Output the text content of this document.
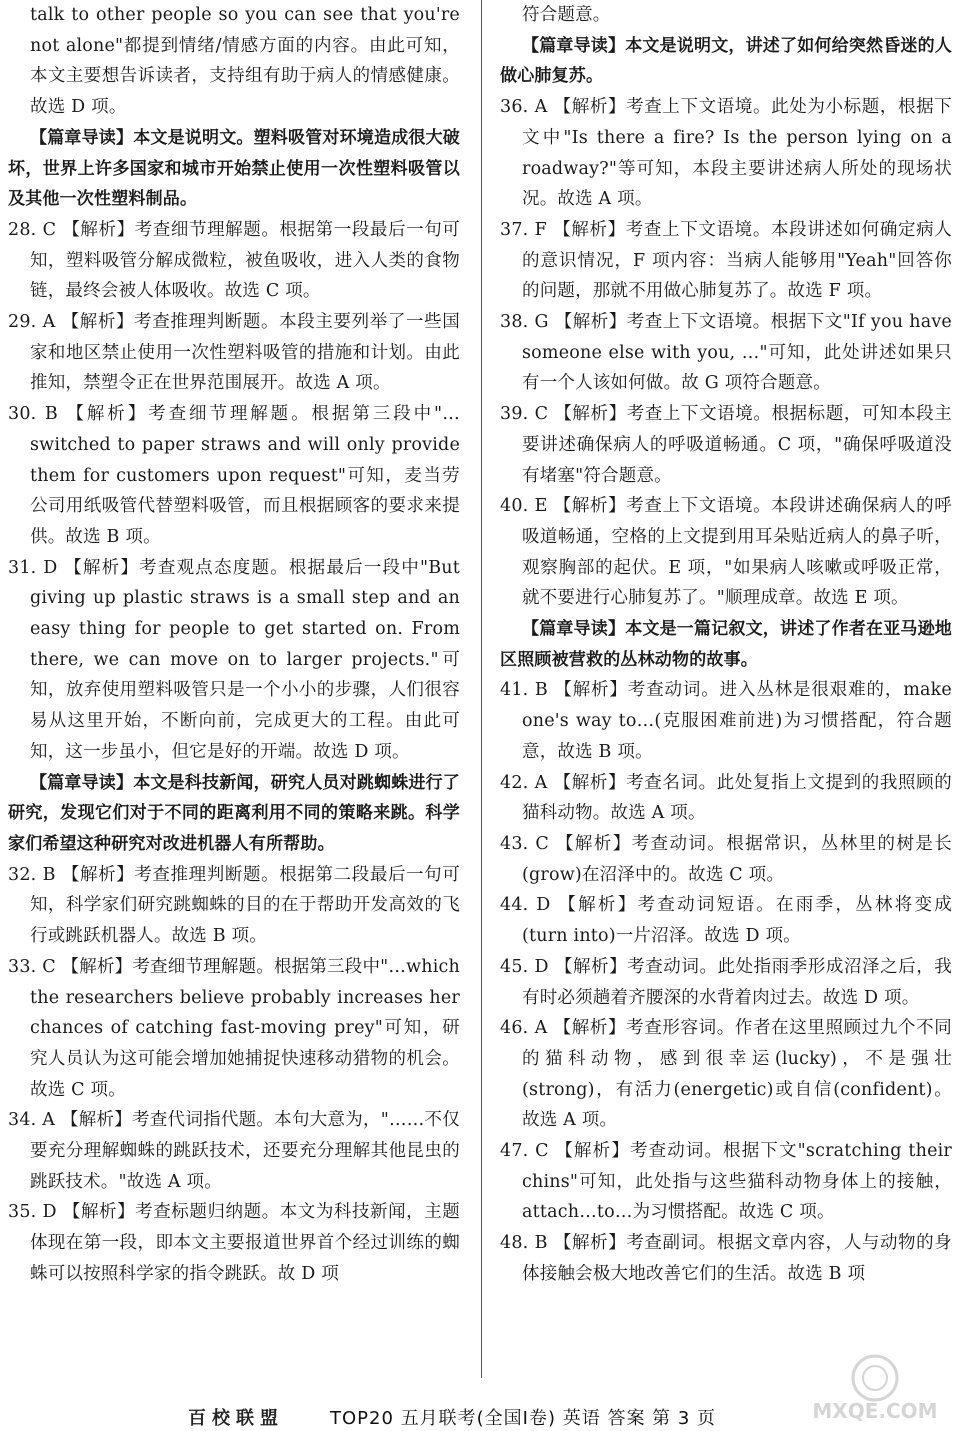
talk to other people so you can see that you're not alone"都提到情绪/情感方面的内容。由此可知，本文主要想告诉读者，支持组有助于病人的情感健康。故选 D 项。

【篇章导读】本文是说明文。塑料吸管对环境造成很大破坏，世界上许多国家和城市开始禁止使用一次性塑料吸管以及其他一次性塑料制品。

28. C 【解析】考查细节理解题。根据第一段最后一句可知，塑料吸管分解成微粒，被鱼吸收，进入人类的食物链，最终会被人体吸收。故选 C 项。

29. A 【解析】考查推理判断题。本段主要列举了一些国家和地区禁止使用一次性塑料吸管的措施和计划。由此推知，禁塑令正在世界范围展开。故选 A 项。

30. B 【解析】考查细节理解题。根据第三段中"…switched to paper straws and will only provide them for customers upon request"可知，麦当劳公司用纸吸管代替塑料吸管，而且根据顾客的要求来提供。故选 B 项。

31. D 【解析】考查观点态度题。根据最后一段中"But giving up plastic straws is a small step and an easy thing for people to get started on. From there, we can move on to larger projects."可知，放弃使用塑料吸管只是一个小小的步骤，人们很容易从这里开始，不断向前，完成更大的工程。由此可知，这一步虽小，但它是好的开端。故选 D 项。

【篇章导读】本文是科技新闻，研究人员对跳蜘蛛进行了研究，发现它们对于不同的距离利用不同的策略来跳。科学家们希望这种研究对改进机器人有所帮助。

32. B 【解析】考查推理判断题。根据第二段最后一句可知，科学家们研究跳蜘蛛的目的在于帮助开发高效的飞行或跳跃机器人。故选 B 项。

33. C 【解析】考查细节理解题。根据第三段中"…which the researchers believe probably increases her chances of catching fast-moving prey"可知，研究人员认为这可能会增加她捕捉快速移动猎物的机会。故选 C 项。

34. A 【解析】考查代词指代题。本句大意为，"……不仅要充分理解蜘蛛的跳跃技术，还要充分理解其他昆虫的跳跃技术。"故选 A 项。

35. D 【解析】考查标题归纳题。本文为科技新闻，主题体现在第一段，即本文主要报道世界首个经过训练的蜘蛛可以按照科学家的指令跳跃。故 D 项

符合题意。

【篇章导读】本文是说明文，讲述了如何给突然昏迷的人做心肺复苏。

36. A 【解析】考查上下文语境。此处为小标题，根据下文中"Is there a fire? Is the person lying on a roadway?"等可知，本段主要讲述病人所处的现场状况。故选 A 项。

37. F 【解析】考查上下文语境。本段讲述如何确定病人的意识情况，F 项内容：当病人能够用"Yeah"回答你的问题，那就不用做心肺复苏了。故选 F 项。

38. G 【解析】考查上下文语境。根据下文"If you have someone else with you, …"可知，此处讲述如果只有一个人该如何做。故 G 项符合题意。

39. C 【解析】考查上下文语境。根据标题，可知本段主要讲述确保病人的呼吸道畅通。C 项，"确保呼吸道没有堵塞"符合题意。

40. E 【解析】考查上下文语境。本段讲述确保病人的呼吸道畅通，空格的上文提到用耳朵贴近病人的鼻子听，观察胸部的起伏。E 项，"如果病人咳嗽或呼吸正常，就不要进行心肺复苏了。"顺理成章。故选 E 项。

【篇章导读】本文是一篇记叙文，讲述了作者在亚马逊地区照顾被营救的丛林动物的故事。

41. B 【解析】考查动词。进入丛林是很艰难的，make one's way to…(克服困难前进)为习惯搭配，符合题意，故选 B 项。

42. A 【解析】考查名词。此处复指上文提到的我照顾的猫科动物。故选 A 项。

43. C 【解析】考查动词。根据常识，丛林里的树是长(grow)在沼泽中的。故选 C 项。

44. D 【解析】考查动词短语。在雨季，丛林将变成(turn into)一片沼泽。故选 D 项。

45. D 【解析】考查动词。此处指雨季形成沼泽之后，我有时必须趟着齐腰深的水背着肉过去。故选 D 项。

46. A 【解析】考查形容词。作者在这里照顾过九个不同的猫科动物，感到很幸运(lucky)，不是强壮(strong)，有活力(energetic)或自信(confident)。故选 A 项。

47. C 【解析】考查动词。根据下文"scratching their chins"可知，此处指与这些猫科动物身体上的接触，attach…to…为习惯搭配。故选 C 项。

48. B 【解析】考查副词。根据文章内容，人与动物的身体接触会极大地改善它们的生活。故选 B 项

MXQE.COM
百校联盟	TOP20 五月联考(全国Ⅰ卷) 英语 答案 第 3 页
